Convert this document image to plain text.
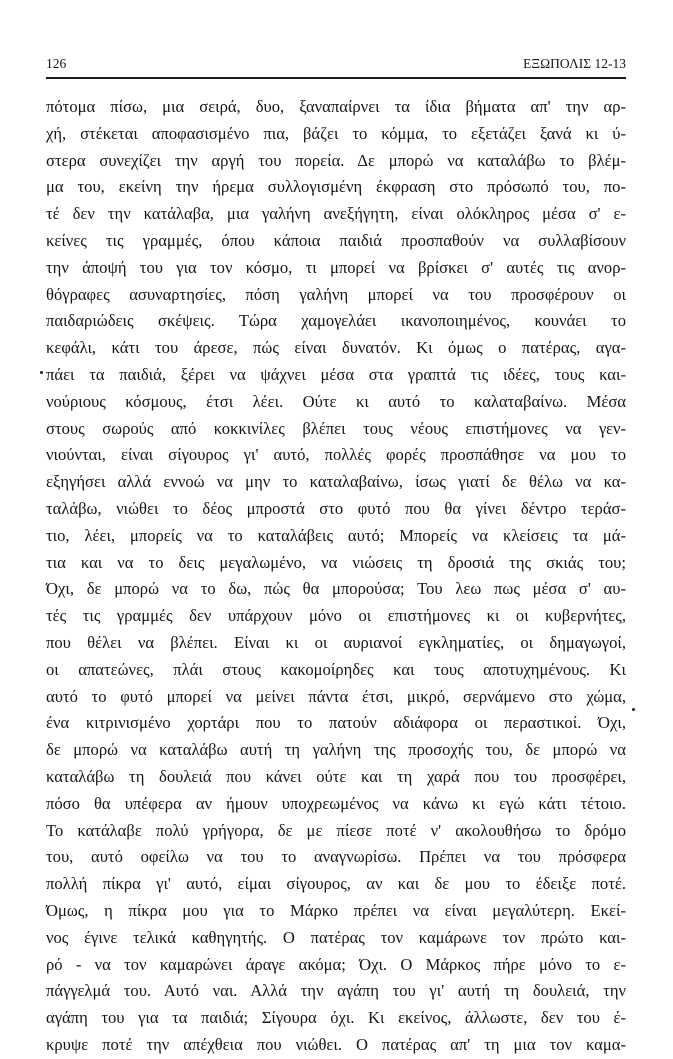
126	ΕΞΩΠΟΛΙΣ 12-13
πότομα πίσω, μια σειρά, δυο, ξαναπαίρνει τα ίδια βήματα απ' την αρ-
χή, στέκεται αποφασισμένο πια, βάζει το κόμμα, το εξετάζει ξανά κι ύ-
στερα συνεχίζει την αργή του πορεία. Δε μπορώ να καταλάβω το βλέμ-
μα του, εκείνη την ήρεμα συλλογισμένη έκφραση στο πρόσωπό του, πο-
τέ δεν την κατάλαβα, μια γαλήνη ανεξήγητη, είναι ολόκληρος μέσα σ' ε-
κείνες τις γραμμές, όπου κάποια παιδιά προσπαθούν να συλλαβίσουν
την άποψή του για τον κόσμο, τι μπορεί να βρίσκει σ' αυτές τις ανορ-
θόγραφες ασυναρτησίες, πόση γαλήνη μπορεί να του προσφέρουν οι
παιδαριώδεις σκέψεις. Τώρα χαμογελάει ικανοποιημένος, κουνάει το
κεφάλι, κάτι του άρεσε, πώς είναι δυνατόν. Κι όμως ο πατέρας, αγα-
πάει τα παιδιά, ξέρει να ψάχνει μέσα στα γραπτά τις ιδέες, τους και-
νούριους κόσμους, έτσι λέει. Ούτε κι αυτό το καλαταβαίνω. Μέσα
στους σωρούς από κοκκινίλες βλέπει τους νέους επιστήμονες να γεν-
νιούνται, είναι σίγουρος γι' αυτό, πολλές φορές προσπάθησε να μου το
εξηγήσει αλλά εννοώ να μην το καταλαβαίνω, ίσως γιατί δε θέλω να κα-
ταλάβω, νιώθει το δέος μπροστά στο φυτό που θα γίνει δέντρο τεράσ-
τιο, λέει, μπορείς να το καταλάβεις αυτό; Μπορείς να κλείσεις τα μά-
τια και να το δεις μεγαλωμένο, να νιώσεις τη δροσιά της σκιάς του;
Όχι, δε μπορώ να το δω, πώς θα μπορούσα; Του λεω πως μέσα σ' αυ-
τές τις γραμμές δεν υπάρχουν μόνο οι επιστήμονες κι οι κυβερνήτες,
που θέλει να βλέπει. Είναι κι οι αυριανοί εγκληματίες, οι δημαγωγοί,
οι απατεώνες, πλάι στους κακομοίρηδες και τους αποτυχημένους. Κι
αυτό το φυτό μπορεί να μείνει πάντα έτσι, μικρό, σερνάμενο στο χώμα,
ένα κιτρινισμένο χορτάρι που το πατούν αδιάφορα οι περαστικοί. Όχι,
δε μπορώ να καταλάβω αυτή τη γαλήνη της προσοχής του, δε μπορώ να
καταλάβω τη δουλειά που κάνει ούτε και τη χαρά που του προσφέρει,
πόσο θα υπέφερα αν ήμουν υποχρεωμένος να κάνω κι εγώ κάτι τέτοιο.
Το κατάλαβε πολύ γρήγορα, δε με πίεσε ποτέ ν' ακολουθήσω το δρόμο
του, αυτό οφείλω να του το αναγνωρίσω. Πρέπει να του πρόσφερα
πολλή πίκρα γι' αυτό, είμαι σίγουρος, αν και δε μου το έδειξε ποτέ.
Όμως, η πίκρα μου για το Μάρκο πρέπει να είναι μεγαλύτερη. Εκεί-
νος έγινε τελικά καθηγητής. Ο πατέρας τον καμάρωνε τον πρώτο και-
ρό - να τον καμαρώνει άραγε ακόμα; Όχι. Ο Μάρκος πήρε μόνο το ε-
πάγγελμά του. Αυτό ναι. Αλλά την αγάπη του γι' αυτή τη δουλειά, την
αγάπη του για τα παιδιά; Σίγουρα όχι. Κι εκείνος, άλλωστε, δεν του έ-
κρυψε ποτέ την απέχθεια που νιώθει. Ο πατέρας απ' τη μια τον καμα-
